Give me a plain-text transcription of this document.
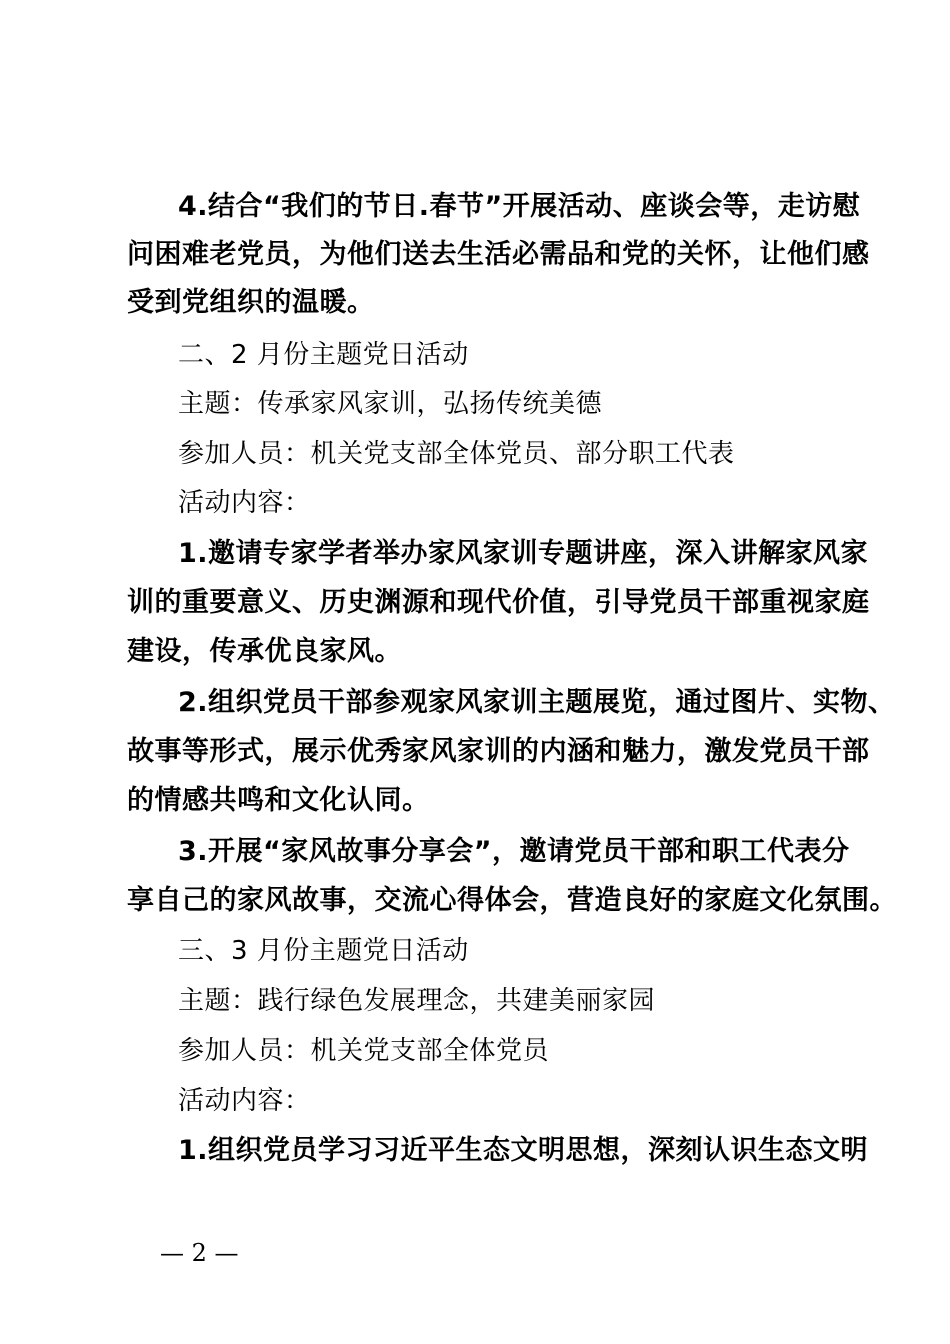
4.结合“我们的节日.春节”开展活动、座谈会等，走访慰
问困难老党员，为他们送去生活必需品和党的关怀，让他们感
受到党组织的温暖。
二、2 月份主题党日活动
主题：传承家风家训，弘扬传统美德
参加人员：机关党支部全体党员、部分职工代表
活动内容：
1.邀请专家学者举办家风家训专题讲座，深入讲解家风家
训的重要意义、历史渊源和现代价值，引导党员干部重视家庭
建设，传承优良家风。
2.组织党员干部参观家风家训主题展览，通过图片、实物、
故事等形式，展示优秀家风家训的内涵和魅力，激发党员干部
的情感共鸣和文化认同。
3.开展“家风故事分享会”，邀请党员干部和职工代表分
享自己的家风故事，交流心得体会，营造良好的家庭文化氛围。
三、3 月份主题党日活动
主题：践行绿色发展理念，共建美丽家园
参加人员：机关党支部全体党员
活动内容：
1.组织党员学习习近平生态文明思想，深刻认识生态文明
— 2 —
